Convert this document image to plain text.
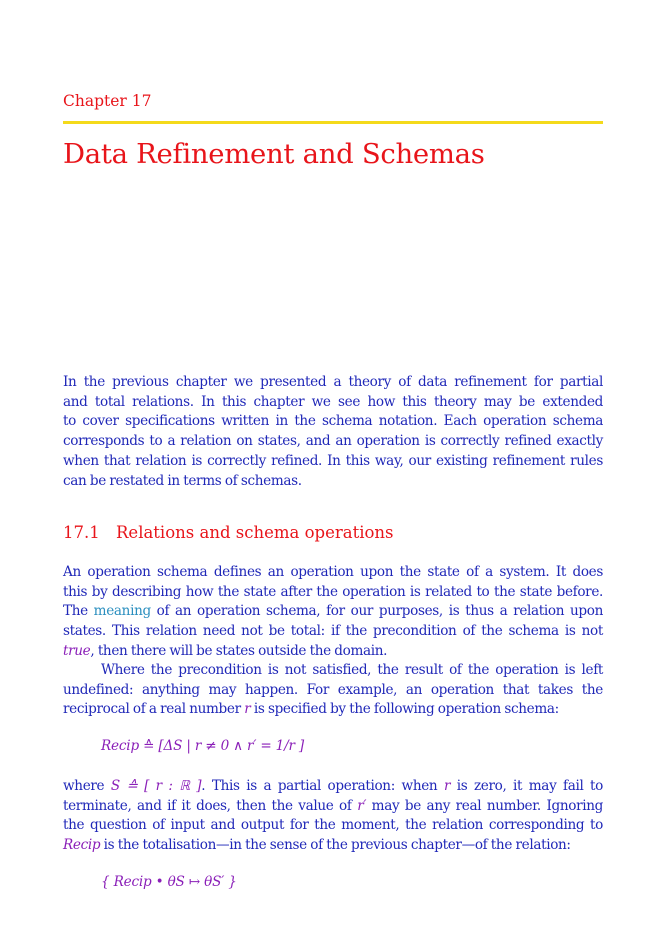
Chapter 17
Data Refinement and Schemas
In the previous chapter we presented a theory of data refinement for partial
and total relations. In this chapter we see how this theory may be extended
to cover specifications written in the schema notation. Each operation schema
corresponds to a relation on states, and an operation is correctly refined exactly
when that relation is correctly refined. In this way, our existing refinement rules
can be restated in terms of schemas.
17.1 Relations and schema operations
An operation schema defines an operation upon the state of a system. It does
this by describing how the state after the operation is related to the state before.
The meaning of an operation schema, for our purposes, is thus a relation upon
states. This relation need not be total: if the precondition of the schema is not
true, then there will be states outside the domain.
Where the precondition is not satisfied, the result of the operation is left
undefined: anything may happen. For example, an operation that takes the
reciprocal of a real number r is specified by the following operation schema:
Recip ≙ [ΔS | r ≠ 0 ∧ r′ = 1/r ]
where S ≙ [ r : ℝ ]. This is a partial operation: when r is zero, it may fail to
terminate, and if it does, then the value of r′ may be any real number. Ignoring
the question of input and output for the moment, the relation corresponding to
Recip is the totalisation—in the sense of the previous chapter—of the relation:
{ Recip • θS ↦ θS′ }
